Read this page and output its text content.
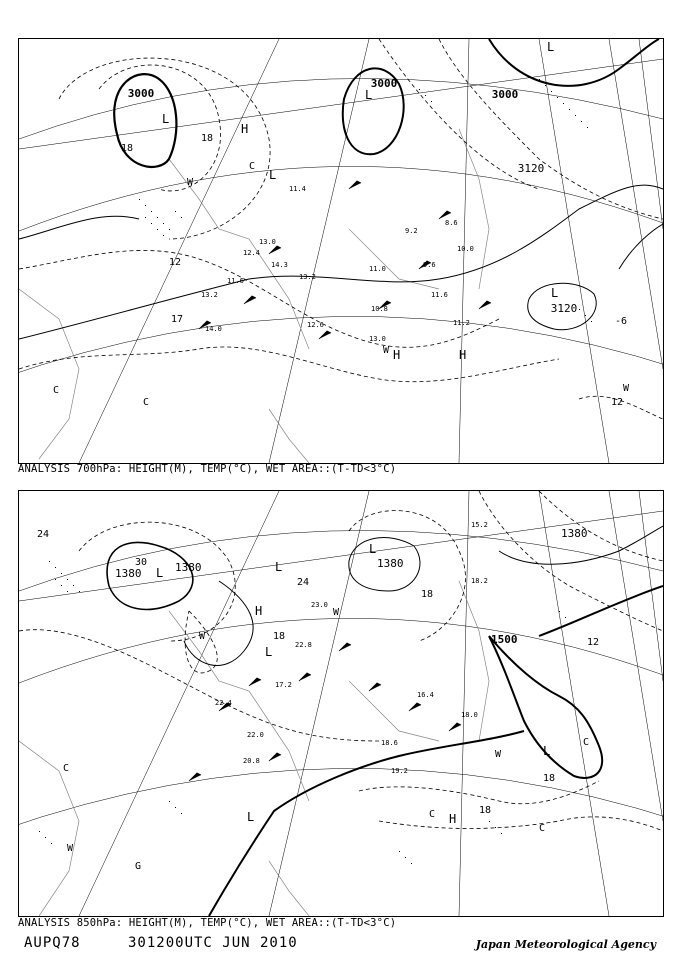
3000
3000
3000
3120
3120
L
L
L
L
L
H
H	H
18
18
12
17
12
-6
W
W
W
C
C
C
11.4
13.0
12.4
14.3
13.2
11.6	13.2
12.6
10.8
13.0
11.2
14.0
9.6
11.0
10.0
11.6
8.6
9.2
ANALYSIS 700hPa: HEIGHT(M), TEMP(°C), WET AREA::(T-TD<3°C)
1380	1380	1380
1380
1500
L
L
L
L
L
L
H
H
24
30
24
18
18
12
18
18
W
W
W
W
C
C
C
C
G
22.4
23.0
22.8
19.2
18.2
16.4
20.8
17.2
15.2
18.6
22.0
18.0
ANALYSIS 850hPa: HEIGHT(M), TEMP(°C), WET AREA::(T-TD<3°C)
AUPQ78	301200UTC JUN 2010	Japan Meteorological Agency
